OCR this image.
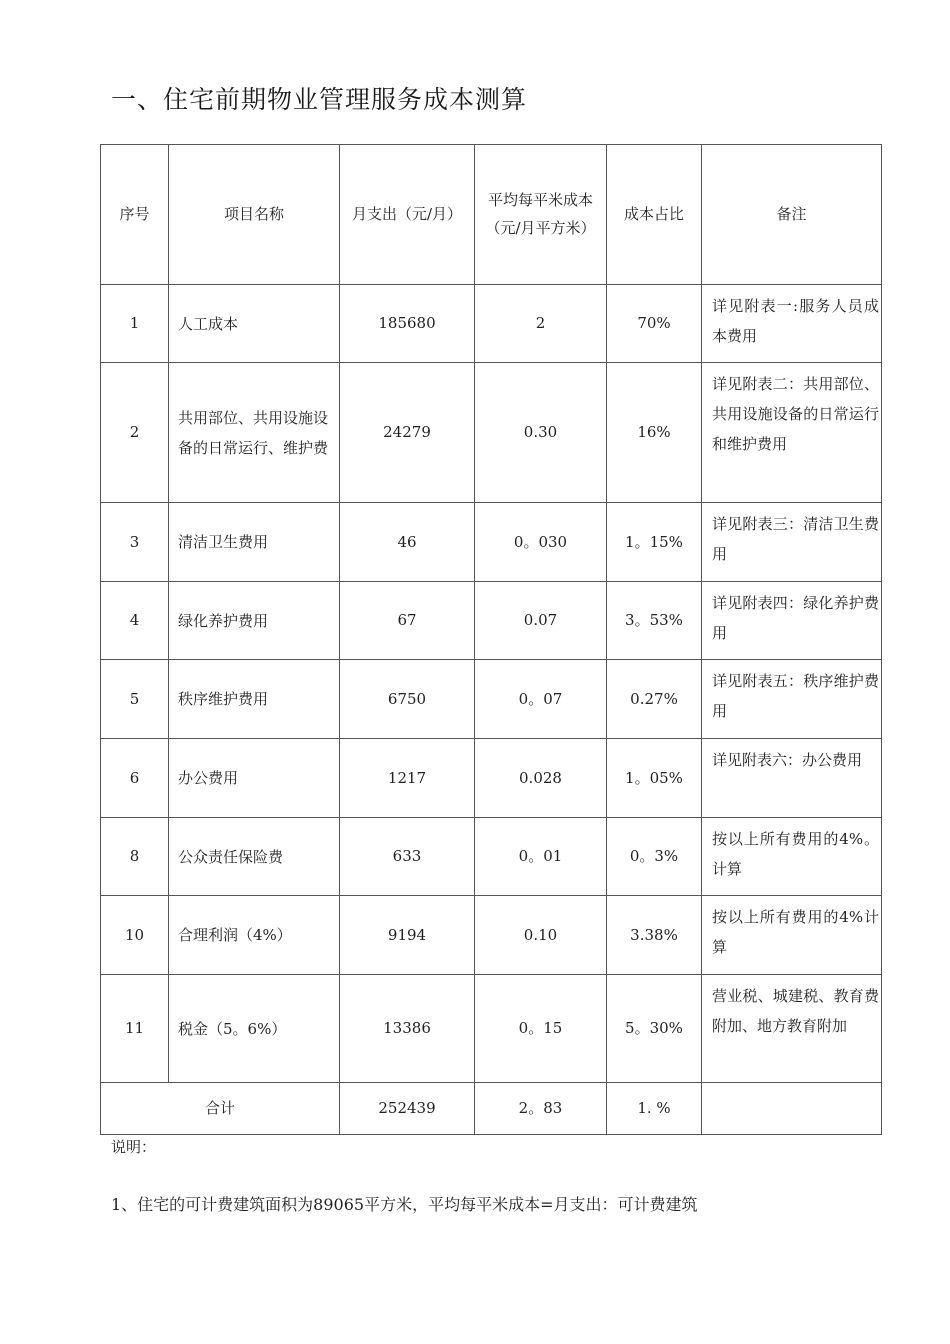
一、住宅前期物业管理服务成本测算
序号	项目名称	月支出（元/月）	平均每平米成本（元/月平方米）	成本占比	备注
1	人工成本	185680	2	70%	详见附表一:服务人员成本费用
2	共用部位、共用设施设备的日常运行、维护费	24279	0.30	16%	详见附表二：共用部位、共用设施设备的日常运行和维护费用
3	清洁卫生费用	46	0。030	1。15%	详见附表三：清洁卫生费用
4	绿化养护费用	67	0.07	3。53%	详见附表四：绿化养护费用
5	秩序维护费用	6750	0。07	0.27%	详见附表五：秩序维护费用
6	办公费用	1217	0.028	1。05%	详见附表六：办公费用
8	公众责任保险费	633	0。01	0。3%	按以上所有费用的4%。计算
10	合理利润（4%）	9194	0.10	3.38%	按以上所有费用的4%计算
11	税金（5。6%）	13386	0。15	5。30%	营业税、城建税、教育费附加、地方教育附加
合计		252439	2。83	1. %	
说明：
1、住宅的可计费建筑面积为89065平方米，平均每平米成本=月支出：可计费建筑
